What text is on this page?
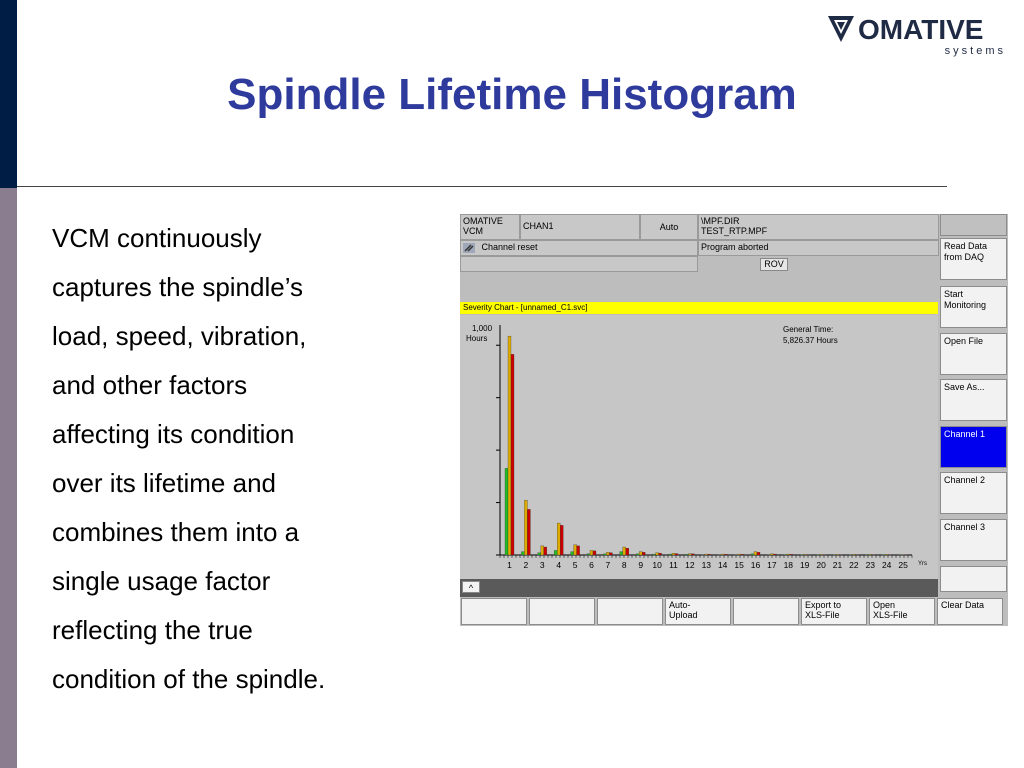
OMATIVE
systems
Spindle Lifetime Histogram

VCM continuously

captures the spindle’s

load, speed, vibration,

and other factors

affecting its condition

over its lifetime and

combines them into a

single usage factor

reflecting the true

condition of the spindle.

OMATIVE
VCM	CHAN1	Auto
\MPF.DIR
TEST_RTP.MPF
Channel reset	Program aborted
ROV
Severity Chart - [unnamed_C1.svc]
1,000
Hours
Yrs
General Time:
5,826.37 Hours
1 2 3 4 5 6 7 8 9 10 11 12 13 14 15 16 17 18 19 20 21 22 23 24 25
^
Read Data
from DAQ
Start
Monitoring
Open File
Save As...
Channel 1
Channel 2
Channel 3
Auto-
Upload
Export to
XLS-File
Open
XLS-File
Clear Data
